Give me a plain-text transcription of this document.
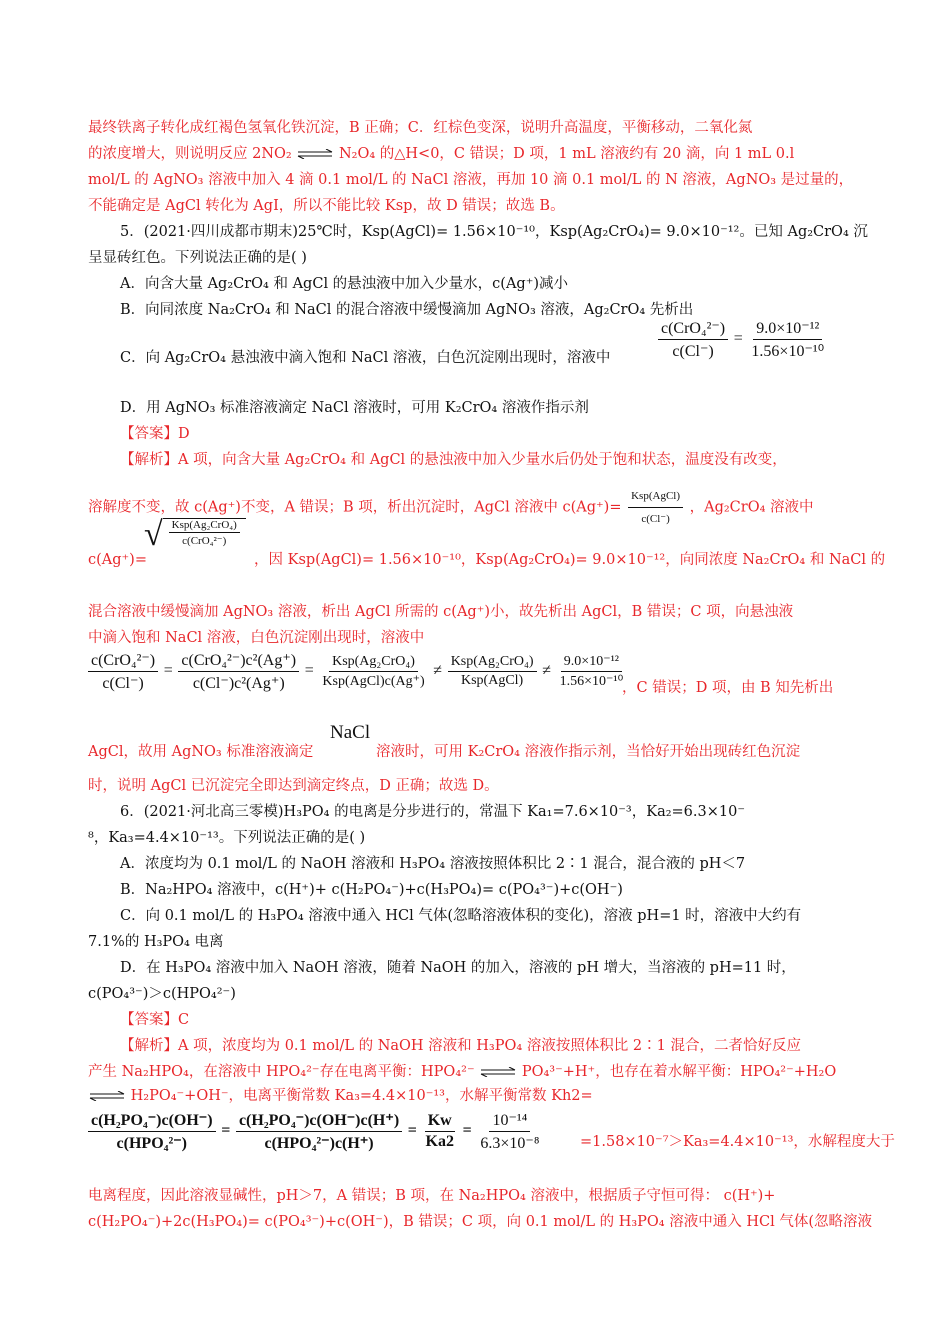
最终铁离子转化成红褐色氢氧化铁沉淀，B 正确；C．红棕色变深，说明升高温度，平衡移动，二氧化氮
的浓度增大，则说明反应 2NO₂ ⇌ N₂O₄ 的△H<0，C 错误；D 项，1 mL 溶液约有 20 滴，向 1 mL 0.l
mol/L 的 AgNO₃ 溶液中加入 4 滴 0.1 mol/L 的 NaCl 溶液，再加 10 滴 0.1 mol/L 的 N 溶液，AgNO₃ 是过量的，
不能确定是 AgCl 转化为 AgI，所以不能比较 Ksp，故 D 错误；故选 B。
5．(2021·四川成都市期末)25℃时，Ksp(AgCl)= 1.56×10⁻¹⁰，Ksp(Ag₂CrO₄)= 9.0×10⁻¹²。已知 Ag₂CrO₄ 沉
呈显砖红色。下列说法正确的是( )
A．向含大量 Ag₂CrO₄ 和 AgCl 的悬浊液中加入少量水，c(Ag⁺)减小
B．向同浓度 Na₂CrO₄ 和 NaCl 的混合溶液中缓慢滴加 AgNO₃ 溶液，Ag₂CrO₄ 先析出
C．向 Ag₂CrO₄ 悬浊液中滴入饱和 NaCl 溶液，白色沉淀刚出现时，溶液中	$\frac{\text{c(CrO₄²⁻)}}{c(Cl^-)} = \frac{\text{9.0×10⁻¹²}}{\text{1.56×10⁻¹⁰}}$
D．用 AgNO₃ 标准溶液滴定 NaCl 溶液时，可用 K₂CrO₄ 溶液作指示剂
【答案】D
【解析】A 项，向含大量 Ag₂CrO₄ 和 AgCl 的悬浊液中加入少量水后仍处于饱和状态，温度没有改变，
溶解度不变，故 c(Ag⁺)不变，A 错误；B 项，析出沉淀时，AgCl 溶液中 $c(Ag^+)= \frac{\text{Ksp(AgCl)}}{c(Cl^-)}$ ，Ag₂CrO₄ 溶液中
c(Ag⁺)=
√ $\frac{\text{Ksp(Ag₂CrO₄)}}{\text{c(CrO₄²⁻)}}$
，因 Ksp(AgCl)= 1.56×10⁻¹⁰，Ksp(Ag₂CrO₄)= 9.0×10⁻¹²，向同浓度 Na₂CrO₄ 和 NaCl 的
混合溶液中缓慢滴加 AgNO₃ 溶液，析出 AgCl 所需的 c(Ag⁺)小，故先析出 AgCl，B 错误；C 项，向悬浊液
中滴入饱和 NaCl 溶液，白色沉淀刚出现时，溶液中
$\frac{\text{c(CrO₄²⁻)}}{c(Cl^-)} = \frac{\text{c(CrO₄²⁻)c²(Ag⁺)}}{\text{c(Cl⁻)c²(Ag⁺)}} = \frac{\text{Ksp(Ag₂CrO₄)}}{\text{Ksp(AgCl)c(Ag⁺)}} \ne \frac{\text{Ksp(Ag₂CrO₄)}}{\text{Ksp(AgCl)}} \ne \frac{\text{9.0×10⁻¹²}}{\text{1.56×10⁻¹⁰}}$
，C 错误；D 项，由 B 知先析出
NaCl
AgCl，故用 AgNO₃ 标准溶液滴定	溶液时，可用 K₂CrO₄ 溶液作指示剂，当恰好开始出现砖红色沉淀
时，说明 AgCl 已沉淀完全即达到滴定终点，D 正确；故选 D。
6．(2021·河北高三零模)H₃PO₄ 的电离是分步进行的，常温下 Ka₁=7.6×10⁻³，Ka₂=6.3×10⁻
⁸，Ka₃=4.4×10⁻¹³。下列说法正确的是( )
A．浓度均为 0.1 mol/L 的 NaOH 溶液和 H₃PO₄ 溶液按照体积比 2∶1 混合，混合液的 pH＜7
B．Na₂HPO₄ 溶液中，c(H⁺)+ c(H₂PO₄⁻)+c(H₃PO₄)= c(PO₄³⁻)+c(OH⁻)
C．向 0.1 mol/L 的 H₃PO₄ 溶液中通入 HCl 气体(忽略溶液体积的变化)，溶液 pH=1 时，溶液中大约有
7.1%的 H₃PO₄ 电离
D．在 H₃PO₄ 溶液中加入 NaOH 溶液，随着 NaOH 的加入，溶液的 pH 增大，当溶液的 pH=11 时，
c(PO₄³⁻)＞c(HPO₄²⁻)
【答案】C
【解析】A 项，浓度均为 0.1 mol/L 的 NaOH 溶液和 H₃PO₄ 溶液按照体积比 2∶1 混合，二者恰好反应
产生 Na₂HPO₄，在溶液中 HPO₄²⁻存在电离平衡：HPO₄²⁻ ⇌ PO₄³⁻+H⁺，也存在着水解平衡：HPO₄²⁻+H₂O
⇌ H₂PO₄⁻+OH⁻，电离平衡常数 Ka₃=4.4×10⁻¹³，水解平衡常数 Kh2=
$\frac{\text{c(H₂PO₄⁻)c(OH⁻)}}{\text{c(HPO₄²⁻)}} = \frac{\text{c(H₂PO₄⁻)c(OH⁻)c(H⁺)}}{\text{c(HPO₄²⁻)c(H⁺)}} = \frac{Kw}{Ka2} = \frac{\text{10⁻¹⁴}}{\text{6.3×10⁻⁸}}$	=1.58×10⁻⁷＞Ka₃=4.4×10⁻¹³，水解程度大于
电离程度，因此溶液显碱性，pH＞7，A 错误；B 项，在 Na₂HPO₄ 溶液中，根据质子守恒可得： c(H⁺)+
c(H₂PO₄⁻)+2c(H₃PO₄)= c(PO₄³⁻)+c(OH⁻)，B 错误；C 项，向 0.1 mol/L 的 H₃PO₄ 溶液中通入 HCl 气体(忽略溶液
